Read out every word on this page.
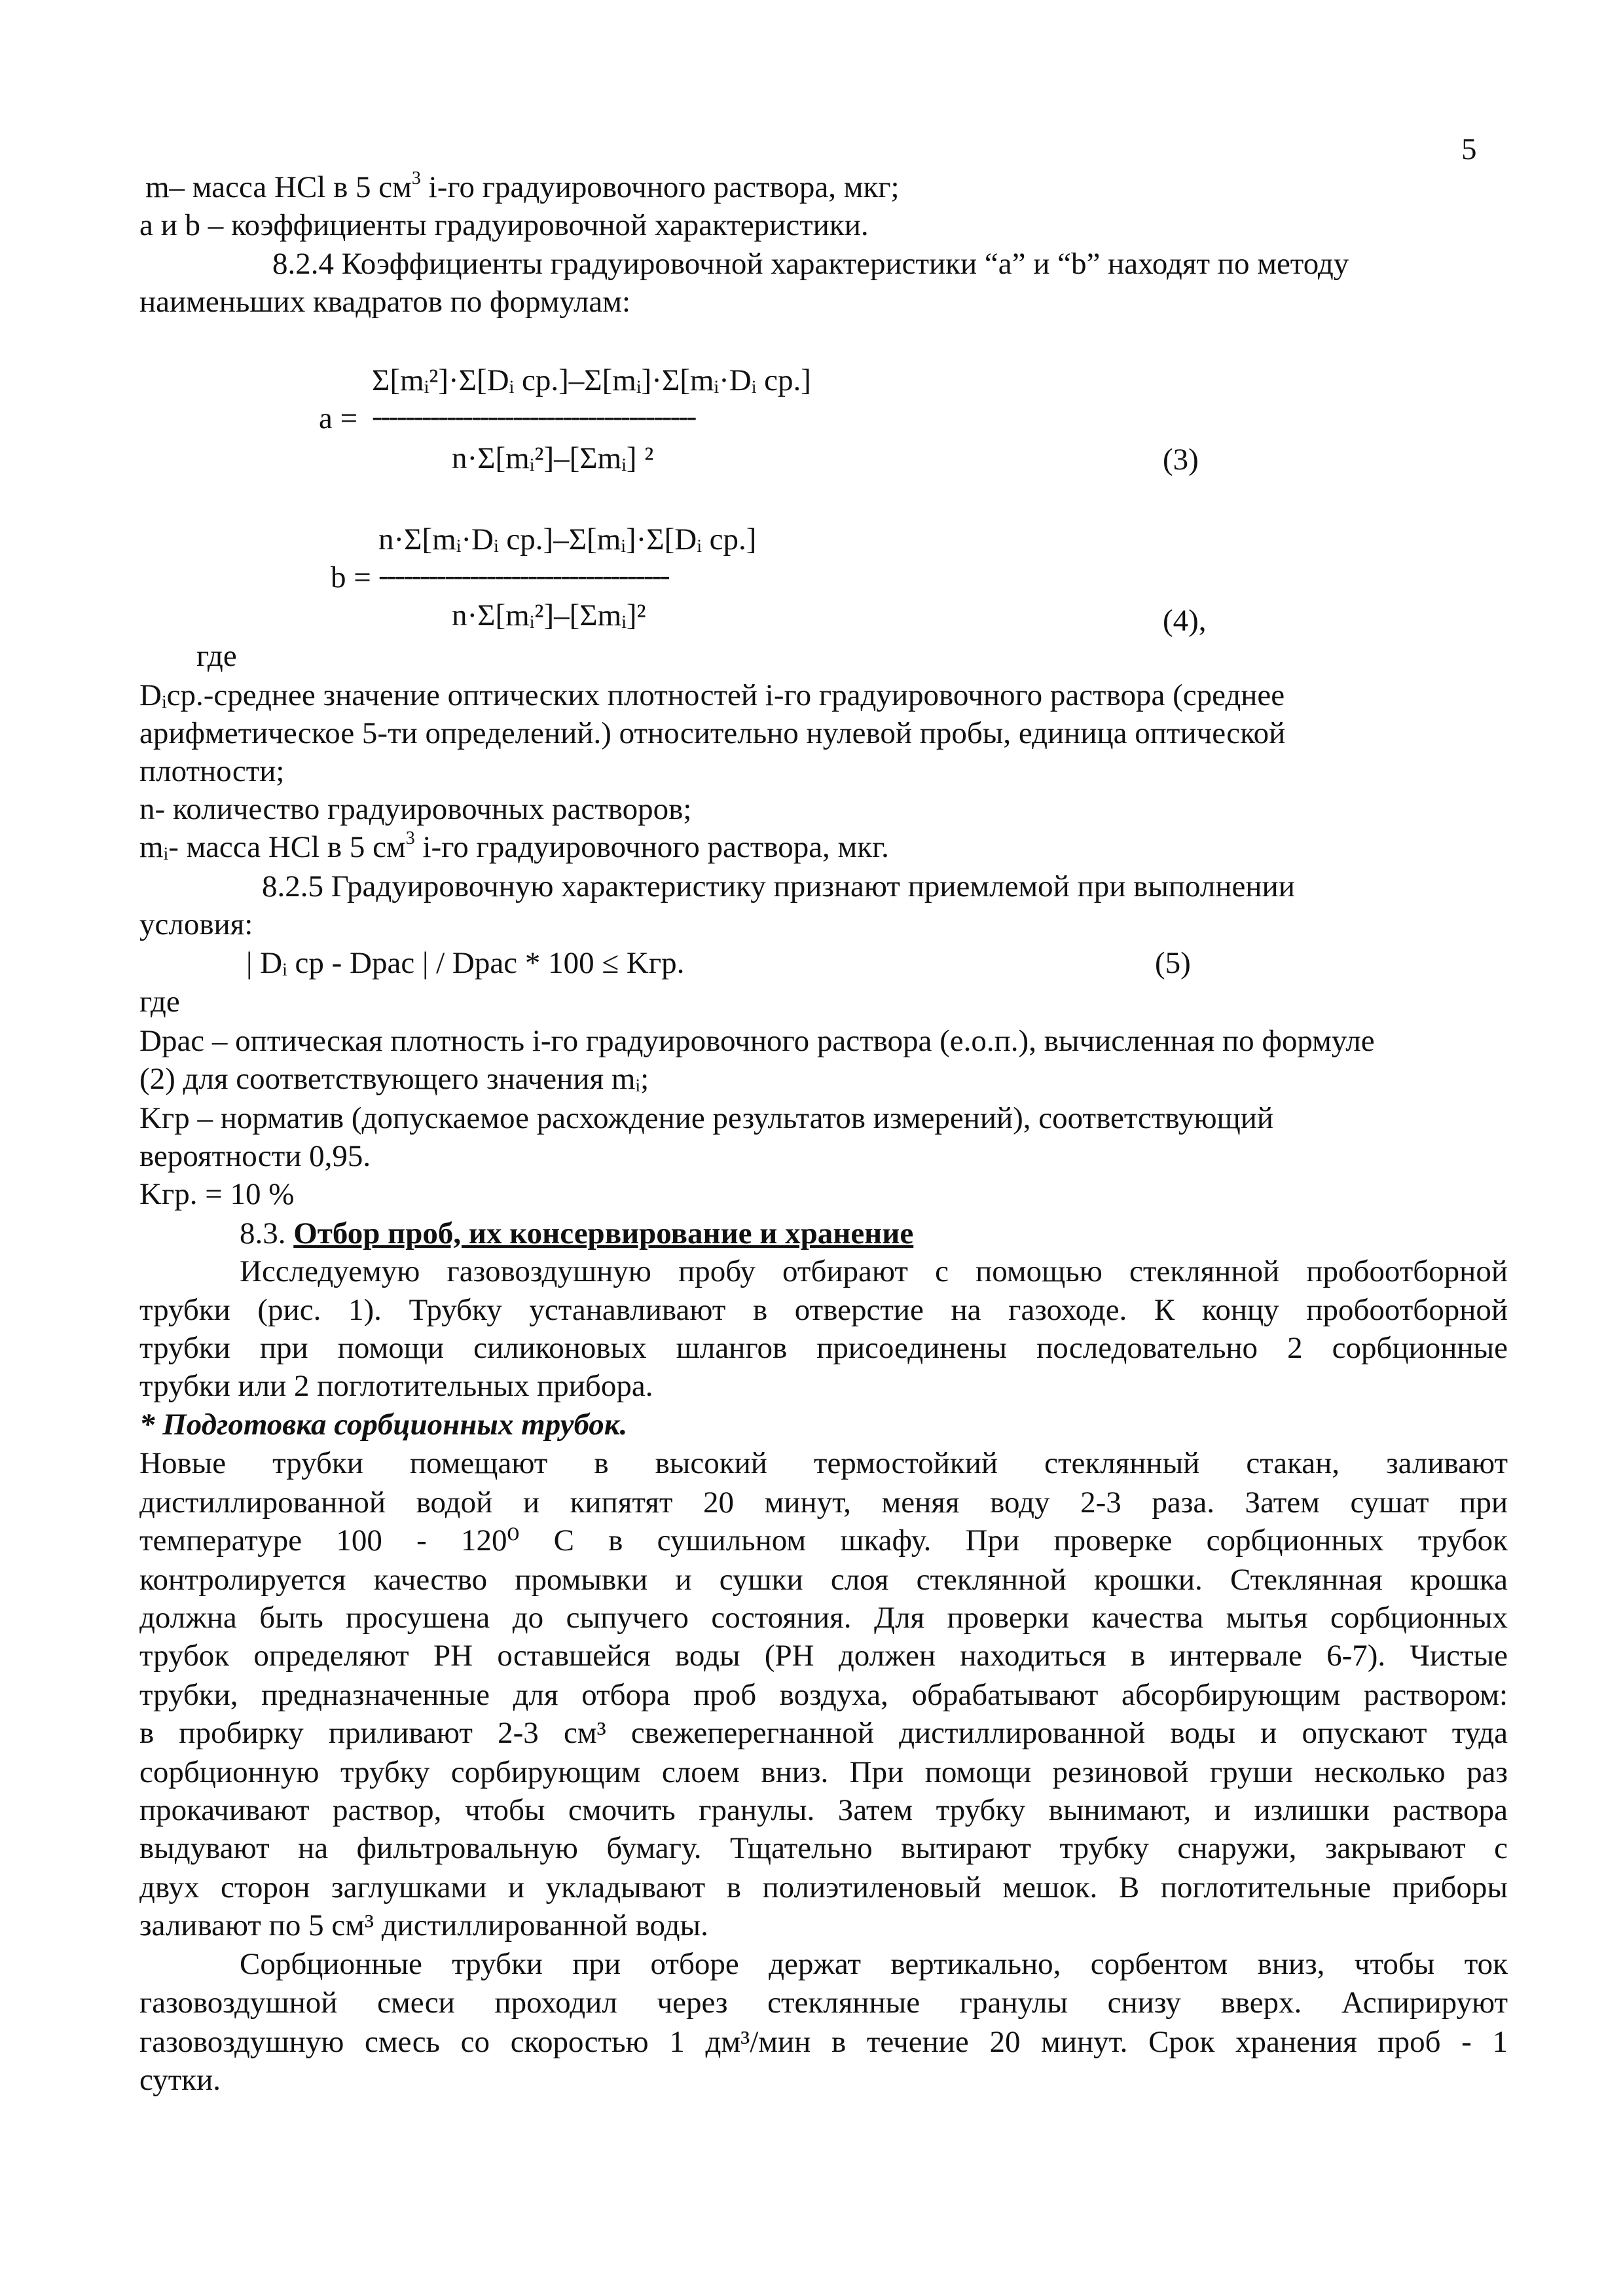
5
m– масса HCl в 5 $см^3$ i-го градуировочного раствора, мкг;
a и b – коэффициенты градуировочной характеристики.
8.2.4 Коэффициенты градуировочной характеристики “a” и “b” находят по методу
наименьших квадратов по формулам:
Σ[mᵢ²]·Σ[Dᵢ ср.]–Σ[mᵢ]·Σ[mᵢ·Dᵢ ср.]
a = ---------------------------------------
n·Σ[mᵢ²]–[Σmᵢ] ²	(3)
n·Σ[mᵢ·Dᵢ ср.]–Σ[mᵢ]·Σ[Dᵢ ср.]
b = -----------------------------------
n·Σ[mᵢ²]–[Σmᵢ]²	(4),
где
Dᵢср.-среднее значение оптических плотностей i-го градуировочного раствора (среднее
арифметическое 5-ти определений.) относительно нулевой пробы, единица оптической
плотности;
n- количество градуировочных растворов;
mᵢ- масса HCl в 5 $см^3$ i-го градуировочного раствора, мкг.
8.2.5 Градуировочную характеристику признают приемлемой при выполнении
условия:
| Dᵢ ср - Dрас | / Dрас * 100 ≤ Kгр.	(5)
где
Dрас – оптическая плотность i-го градуировочного раствора (е.о.п.), вычисленная по формуле
(2) для соответствующего значения mᵢ;
Kгр – норматив (допускаемое расхождение результатов измерений), соответствующий
вероятности 0,95.
Kгр. = 10 %
8.3. Отбор проб, их консервирование и хранение
Исследуемую газовоздушную пробу отбирают с помощью стеклянной пробоотборной
трубки (рис. 1). Трубку устанавливают в отверстие на газоходе. К концу пробоотборной
трубки при помощи силиконовых шлангов присоединены последовательно 2 сорбционные
трубки или 2 поглотительных прибора.
* Подготовка сорбционных трубок.
Новые трубки помещают в высокий термостойкий стеклянный стакан, заливают
дистиллированной водой и кипятят 20 минут, меняя воду 2-3 раза. Затем сушат при
температуре 100 - 120⁰ С в сушильном шкафу. При проверке сорбционных трубок
контролируется качество промывки и сушки слоя стеклянной крошки. Стеклянная крошка
должна быть просушена до сыпучего состояния. Для проверки качества мытья сорбционных
трубок определяют РН оставшейся воды (РН должен находиться в интервале 6-7). Чистые
трубки, предназначенные для отбора проб воздуха, обрабатывают абсорбирующим раствором:
в пробирку приливают 2-3 см³ свежеперегнанной дистиллированной воды и опускают туда
сорбционную трубку сорбирующим слоем вниз. При помощи резиновой груши несколько раз
прокачивают раствор, чтобы смочить гранулы. Затем трубку вынимают, и излишки раствора
выдувают на фильтровальную бумагу. Тщательно вытирают трубку снаружи, закрывают с
двух сторон заглушками и укладывают в полиэтиленовый мешок. В поглотительные приборы
заливают по 5 см³ дистиллированной воды.
Сорбционные трубки при отборе держат вертикально, сорбентом вниз, чтобы ток
газовоздушной смеси проходил через стеклянные гранулы снизу вверх. Аспирируют
газовоздушную смесь со скоростью 1 дм³/мин в течение 20 минут. Срок хранения проб - 1
сутки.
